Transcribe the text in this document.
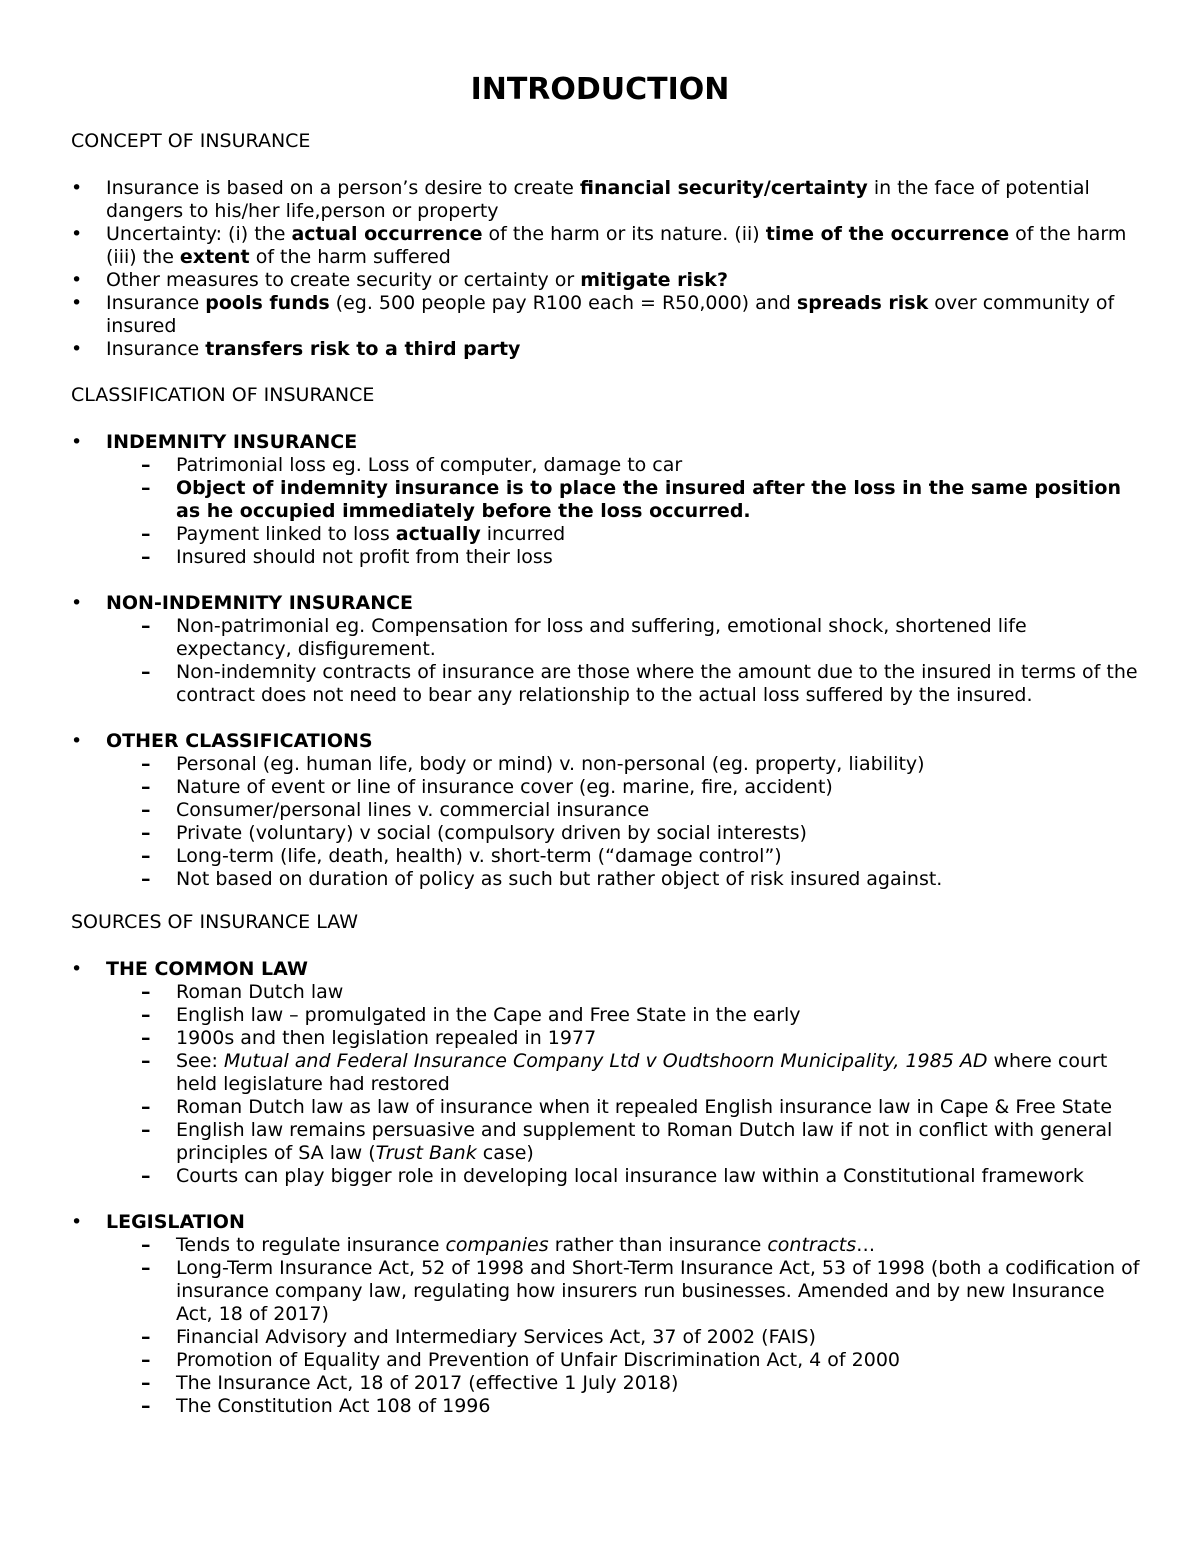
INTRODUCTION
CONCEPT OF INSURANCE
•	Insurance is based on a person’s desire to create financial security/certainty in the face of potential dangers to his/her life,person or property
•	Uncertainty: (i) the actual occurrence of the harm or its nature. (ii) time of the occurrence of the harm (iii) the extent of the harm suffered
•	Other measures to create security or certainty or mitigate risk?
•	Insurance pools funds (eg. 500 people pay R100 each = R50,000) and spreads risk over community of insured
•	Insurance transfers risk to a third party
CLASSIFICATION OF INSURANCE
•	INDEMNITY INSURANCE
– Patrimonial loss eg. Loss of computer, damage to car
– Object of indemnity insurance is to place the insured after the loss in the same position as he occupied immediately before the loss occurred.
– Payment linked to loss actually incurred
– Insured should not profit from their loss
•	NON-INDEMNITY INSURANCE
– Non-patrimonial eg. Compensation for loss and suffering, emotional shock, shortened life expectancy, disfigurement.
– Non-indemnity contracts of insurance are those where the amount due to the insured in terms of the contract does not need to bear any relationship to the actual loss suffered by the insured.
•	OTHER CLASSIFICATIONS
– Personal (eg. human life, body or mind) v. non-personal (eg. property, liability)
– Nature of event or line of insurance cover (eg. marine, fire, accident)
– Consumer/personal lines v. commercial insurance
– Private (voluntary) v social (compulsory driven by social interests)
– Long-term (life, death, health) v. short-term (“damage control”)
– Not based on duration of policy as such but rather object of risk insured against.
SOURCES OF INSURANCE LAW
•	THE COMMON LAW
– Roman Dutch law
– English law – promulgated in the Cape and Free State in the early
– 1900s and then legislation repealed in 1977
– See: Mutual and Federal Insurance Company Ltd v Oudtshoorn Municipality, 1985 AD where court held legislature had restored
– Roman Dutch law as law of insurance when it repealed English insurance law in Cape & Free State
– English law remains persuasive and supplement to Roman Dutch law if not in conflict with general principles of SA law (Trust Bank case)
– Courts can play bigger role in developing local insurance law within a Constitutional framework
•	LEGISLATION
– Tends to regulate insurance companies rather than insurance contracts…
– Long-Term Insurance Act, 52 of 1998 and Short-Term Insurance Act, 53 of 1998 (both a codification of insurance company law, regulating how insurers run businesses. Amended and by new Insurance Act, 18 of 2017)
– Financial Advisory and Intermediary Services Act, 37 of 2002 (FAIS)
– Promotion of Equality and Prevention of Unfair Discrimination Act, 4 of 2000
– The Insurance Act, 18 of 2017 (effective 1 July 2018)
– The Constitution Act 108 of 1996
